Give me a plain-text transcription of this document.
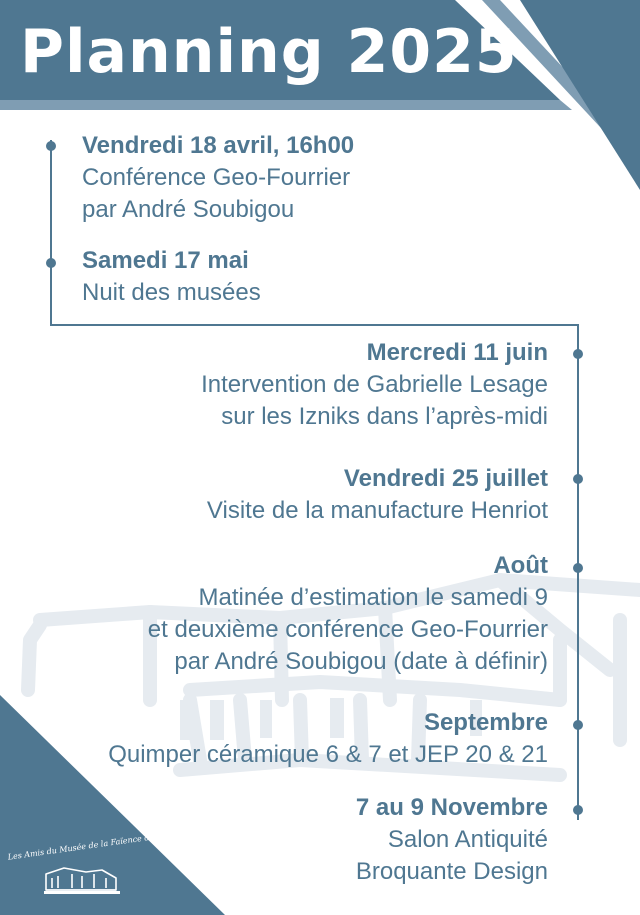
Planning 2025
Vendredi 18 avril, 16h00
Conférence Geo-Fourrier
par André Soubigou
Samedi 17 mai
Nuit des musées
Mercredi 11 juin
Intervention de Gabrielle Lesage
sur les Izniks dans l’après-midi
Vendredi 25 juillet
Visite de la manufacture Henriot
Août
Matinée d’estimation le samedi 9
et deuxième conférence Geo-Fourrier
par André Soubigou (date à définir)
Septembre
Quimper céramique 6 & 7 et JEP 20 & 21
7 au 9 Novembre
Salon Antiquité
Broquante Design
Les Amis du Musée de la Faïence de Quimper
